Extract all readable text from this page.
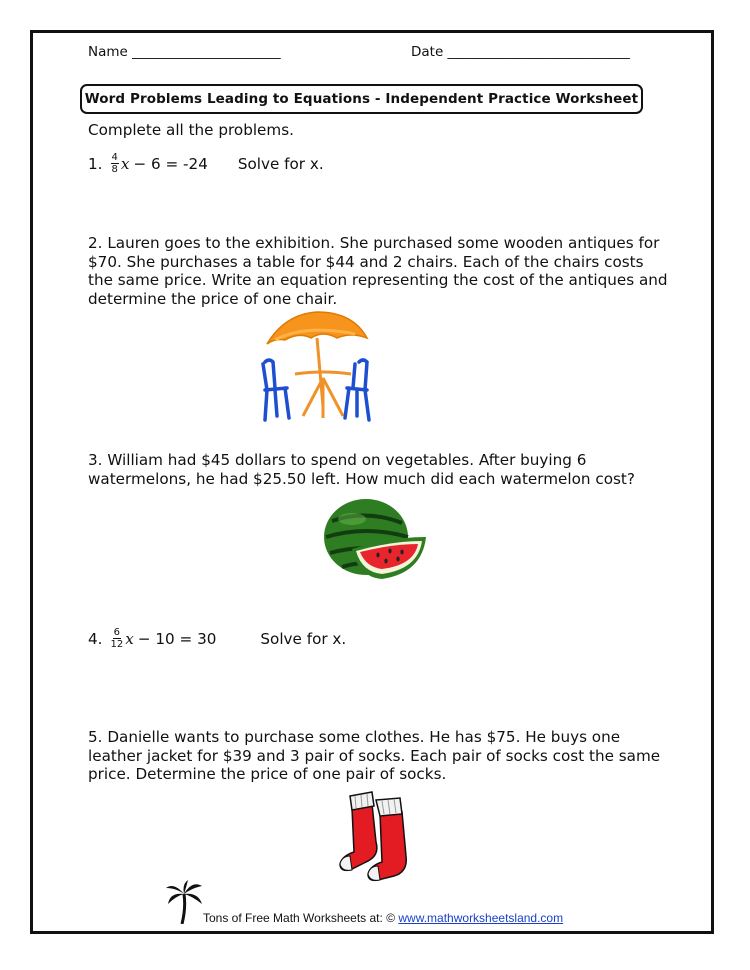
Name ______________________	Date ___________________________
Word Problems Leading to Equations - Independent Practice Worksheet
Complete all the problems.
1. $\frac{4}{8}$ x − 6 = -24 Solve for x.
2. Lauren goes to the exhibition. She purchased some wooden antiques for $70. She purchases a table for $44 and 2 chairs. Each of the chairs costs the same price. Write an equation representing the cost of the antiques and determine the price of one chair.
3. William had $45 dollars to spend on vegetables. After buying 6 watermelons, he had $25.50 left. How much did each watermelon cost?
4. $\frac{6}{12}$ x − 10 = 30	Solve for x.
5. Danielle wants to purchase some clothes. He has $75. He buys one leather jacket for $39 and 3 pair of socks. Each pair of socks cost the same price. Determine the price of one pair of socks.
Tons of Free Math Worksheets at: © www.mathworksheetsland.com
